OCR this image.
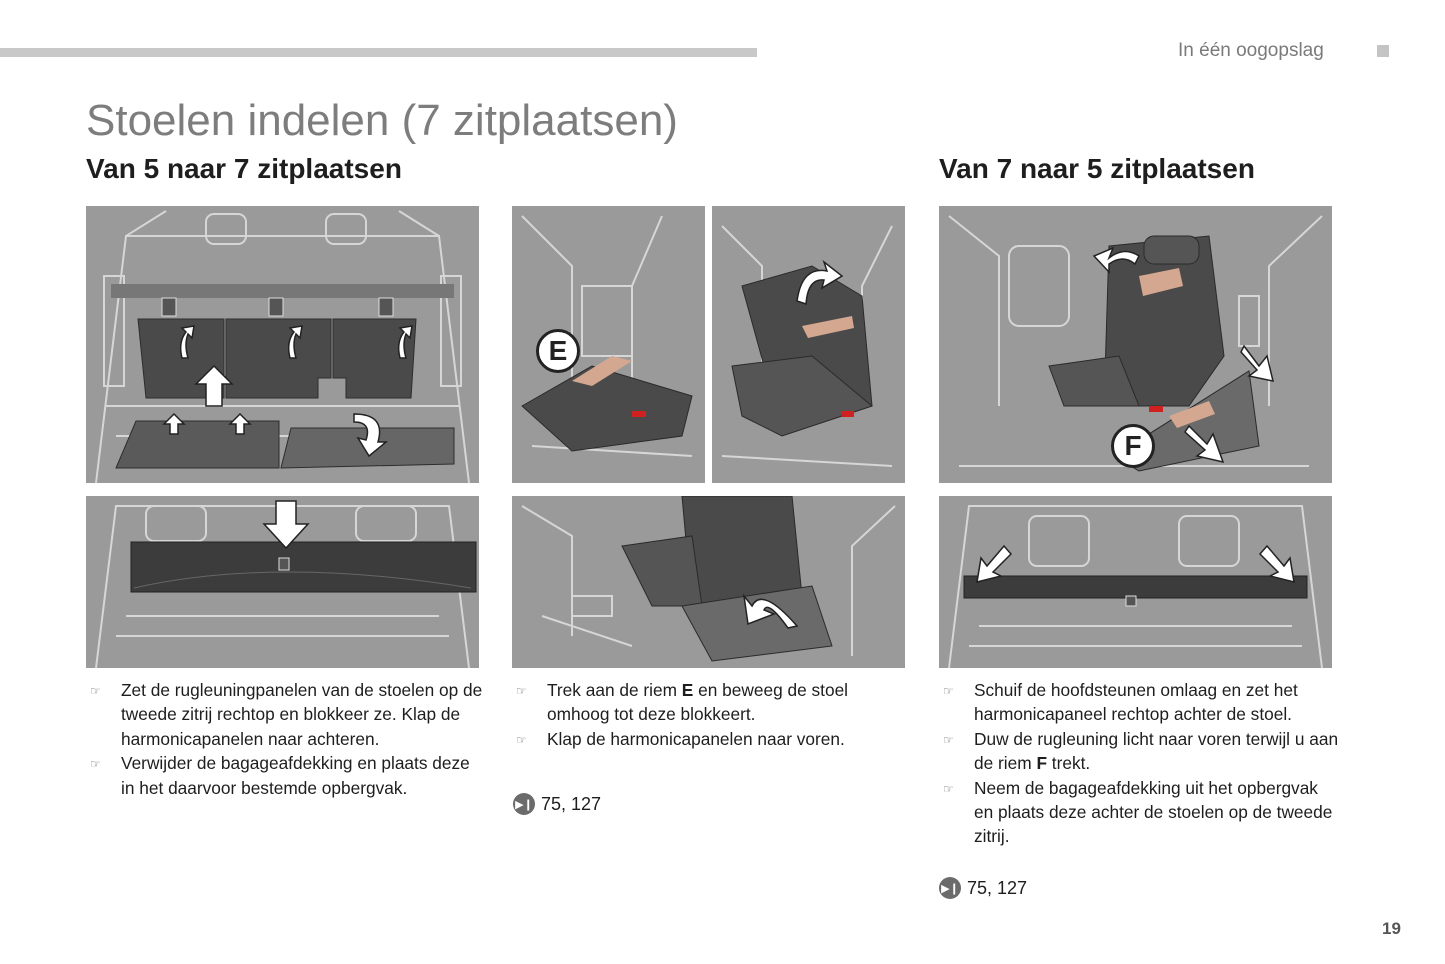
In één oogopslag
Stoelen indelen (7 zitplaatsen)
Van 5 naar 7 zitplaatsen	Van 7 naar 5 zitplaatsen
E
F
☞ Zet de rugleuningpanelen van de stoelen op de tweede zitrij rechtop en blokkeer ze. Klap de harmonicapanelen naar achteren.
☞ Verwijder de bagageafdekking en plaats deze in het daarvoor bestemde opbergvak.
☞ Trek aan de riem E en beweeg de stoel omhoog tot deze blokkeert.
☞ Klap de harmonicapanelen naar voren.
▶❙ 75, 127
☞ Schuif de hoofdsteunen omlaag en zet het harmonicapaneel rechtop achter de stoel.
☞ Duw de rugleuning licht naar voren terwijl u aan de riem F trekt.
☞ Neem de bagageafdekking uit het opbergvak en plaats deze achter de stoelen op de tweede zitrij.
▶❙ 75, 127
19
